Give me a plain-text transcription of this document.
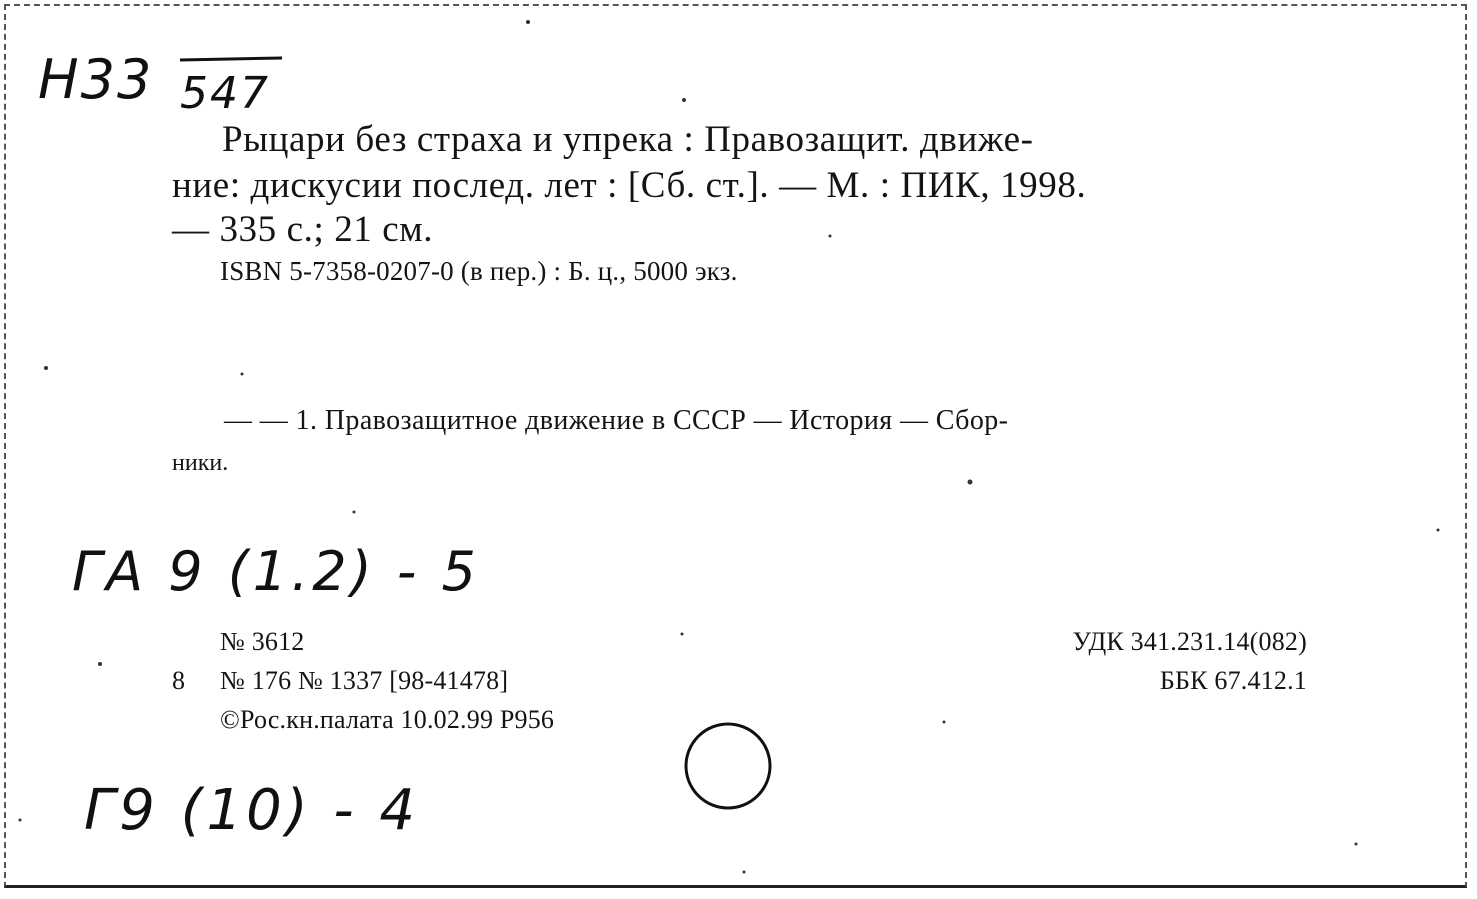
Н33 547
Рыцари без страха и упрека : Правозащит. движе-
ние: дискусии послед. лет : [Сб. ст.]. — М. : ПИК, 1998.
— 335 с.; 21 см.
ISBN 5-7358-0207-0 (в пер.) : Б. ц., 5000 экз.
— — 1. Правозащитное движение в СССР — История — Сбор-
ники.
ГА 9 (1.2) - 5
№ 3612
8 № 176 № 1337 [98-41478]
©Рос.кн.палата 10.02.99 Р956
УДК 341.231.14(082)
ББК 67.412.1
Г9 (10) - 4
